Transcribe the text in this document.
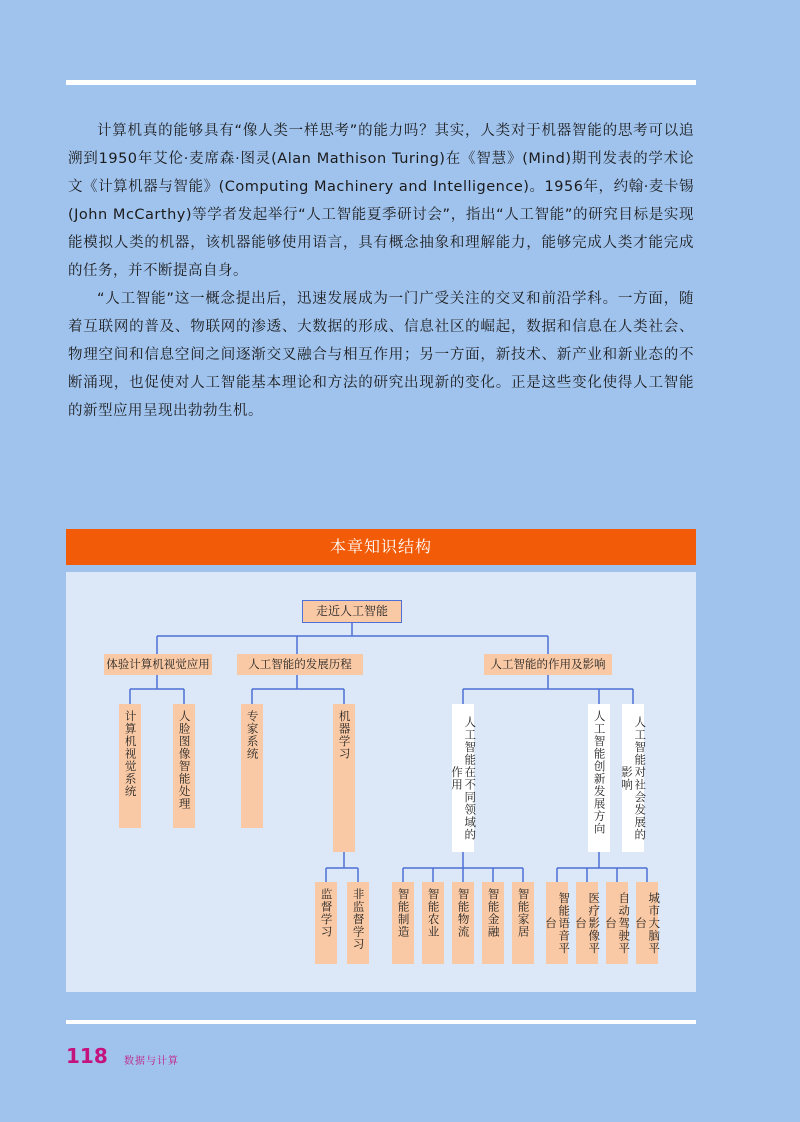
计算机真的能够具有“像人类一样思考”的能力吗？其实，人类对于机器智能的思考可以追溯到1950年艾伦·麦席森·图灵(Alan Mathison Turing)在《智慧》(Mind)期刊发表的学术论文《计算机器与智能》(Computing Machinery and Intelligence)。1956年，约翰·麦卡锡(John McCarthy)等学者发起举行“人工智能夏季研讨会”，指出“人工智能”的研究目标是实现能模拟人类的机器，该机器能够使用语言，具有概念抽象和理解能力，能够完成人类才能完成的任务，并不断提高自身。

“人工智能”这一概念提出后，迅速发展成为一门广受关注的交叉和前沿学科。一方面，随着互联网的普及、物联网的渗透、大数据的形成、信息社区的崛起，数据和信息在人类社会、物理空间和信息空间之间逐渐交叉融合与相互作用；另一方面，新技术、新产业和新业态的不断涌现，也促使对人工智能基本理论和方法的研究出现新的变化。正是这些变化使得人工智能的新型应用呈现出勃勃生机。

本章知识结构
走近人工智能
体验计算机视觉应用	人工智能的发展历程	人工智能的作用及影响
计算机视觉系统	人脸图像智能处理	专家系统	机器学习	人工智能在不同领域的作用	人工智能创新发展方向	人工智能对社会发展的影响
监督学习	非监督学习	智能制造	智能农业	智能物流	智能金融	智能家居	智能语音平台	医疗影像平台	自动驾驶平台	城市大脑平台
118 数据与计算
